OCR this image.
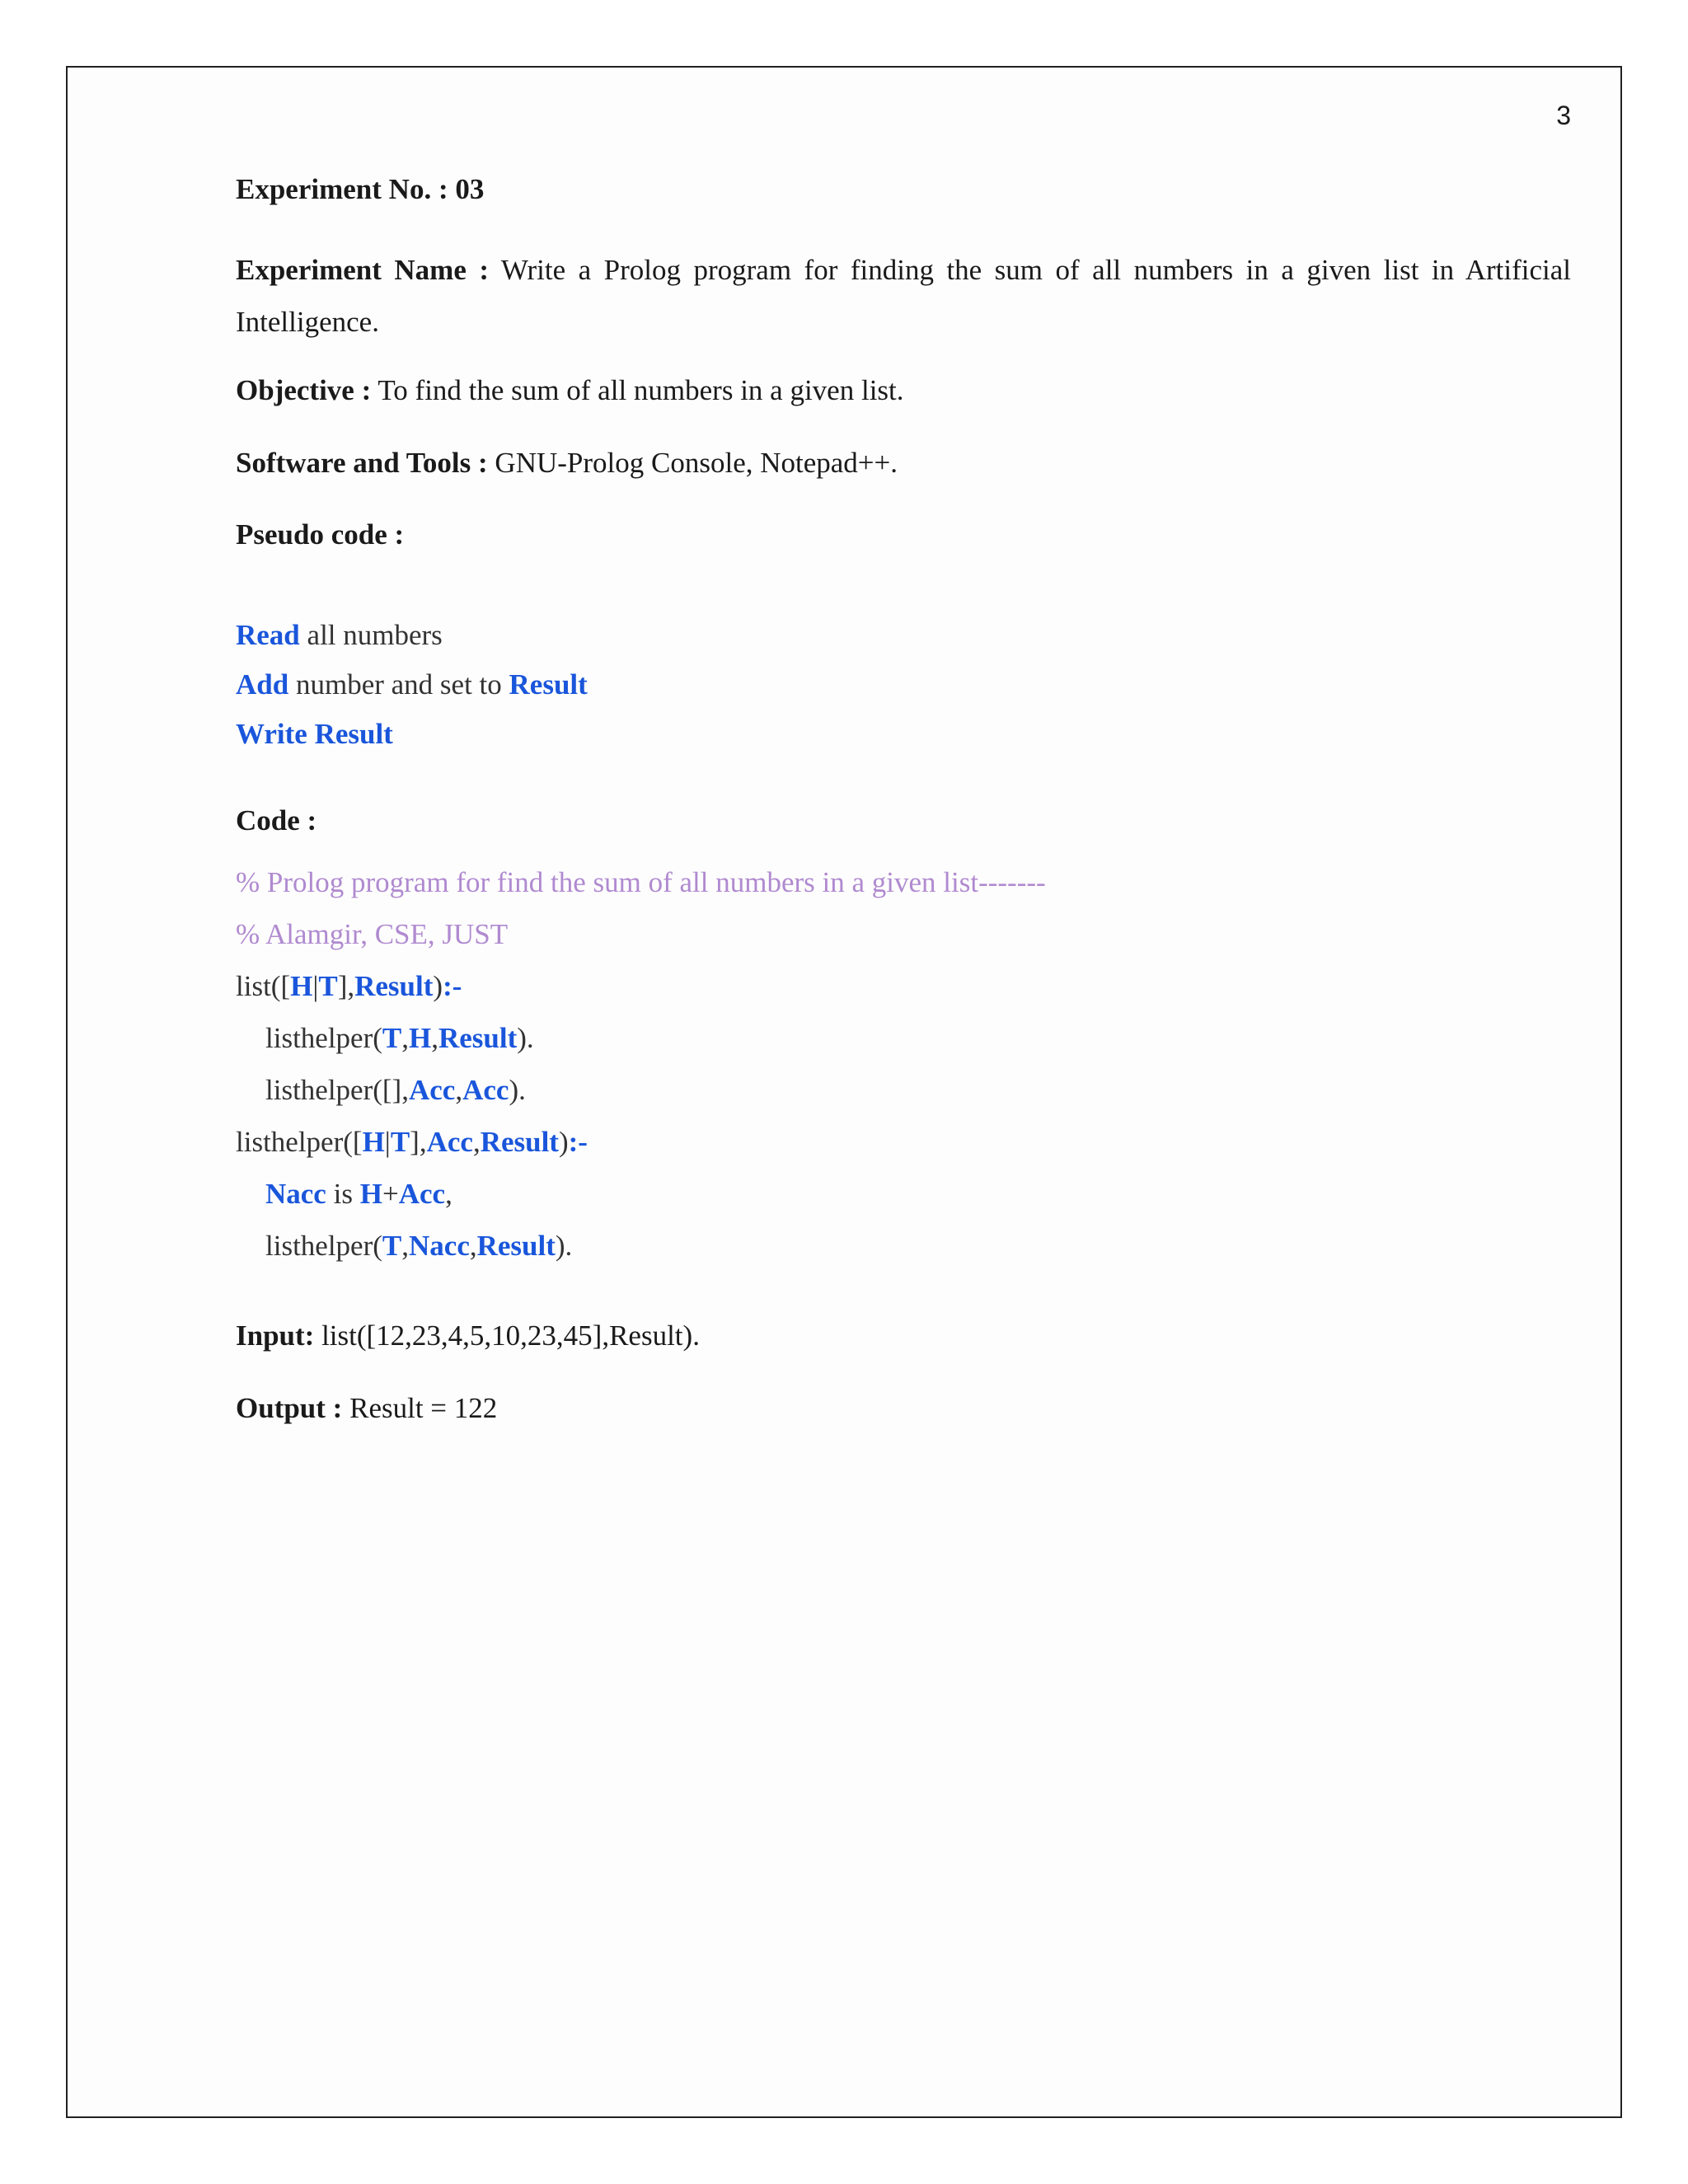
3

Experiment No. : 03

Experiment Name : Write a Prolog program for finding the sum of all numbers in a given list in Artificial Intelligence.

Objective : To find the sum of all numbers in a given list.

Software and Tools : GNU-Prolog Console, Notepad++.

Pseudo code :

Read all numbers
Add number and set to Result
Write Result

Code :

% Prolog program for find the sum of all numbers in a given list-------
% Alamgir, CSE, JUST
list([H|T],Result):-
listhelper(T,H,Result).
listhelper([],Acc,Acc).
listhelper([H|T],Acc,Result):-
Nacc is H+Acc,
listhelper(T,Nacc,Result).

Input: list([12,23,4,5,10,23,45],Result).

Output : Result = 122
